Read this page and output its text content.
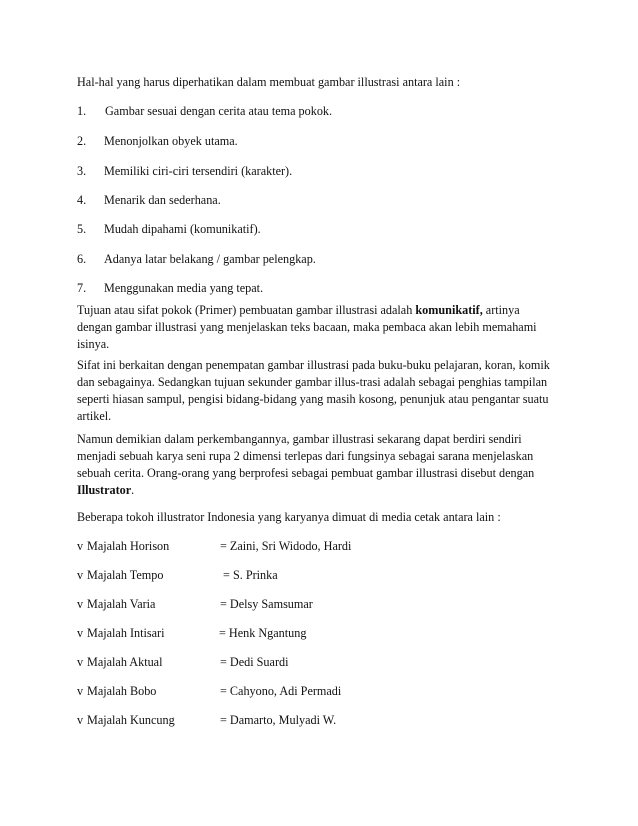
Hal-hal yang harus diperhatikan dalam membuat gambar illustrasi antara lain :
1. Gambar sesuai dengan cerita atau tema pokok.
2. Menonjolkan obyek utama.
3. Memiliki ciri-ciri tersendiri (karakter).
4. Menarik dan sederhana.
5. Mudah dipahami (komunikatif).
6. Adanya latar belakang / gambar pelengkap.
7. Menggunakan media yang tepat.
Tujuan atau sifat pokok (Primer) pembuatan gambar illustrasi adalah komunikatif, artinya
dengan gambar illustrasi yang menjelaskan teks bacaan, maka pembaca akan lebih memahami
isinya.
Sifat ini berkaitan dengan penempatan gambar illustrasi pada buku-buku pelajaran, koran, komik
dan sebagainya. Sedangkan tujuan sekunder gambar illus-trasi adalah sebagai penghias tampilan
seperti hiasan sampul, pengisi bidang-bidang yang masih kosong, penunjuk atau pengantar suatu
artikel.
Namun demikian dalam perkembangannya, gambar illustrasi sekarang dapat berdiri sendiri
menjadi sebuah karya seni rupa 2 dimensi terlepas dari fungsinya sebagai sarana menjelaskan
sebuah cerita. Orang-orang yang berprofesi sebagai pembuat gambar illustrasi disebut dengan
Illustrator.
Beberapa tokoh illustrator Indonesia yang karyanya dimuat di media cetak antara lain :
v Majalah Horison	= Zaini, Sri Widodo, Hardi
v Majalah Tempo	= S. Prinka
v Majalah Varia	= Delsy Samsumar
v Majalah Intisari	= Henk Ngantung
v Majalah Aktual	= Dedi Suardi
v Majalah Bobo	= Cahyono, Adi Permadi
v Majalah Kuncung	= Damarto, Mulyadi W.
